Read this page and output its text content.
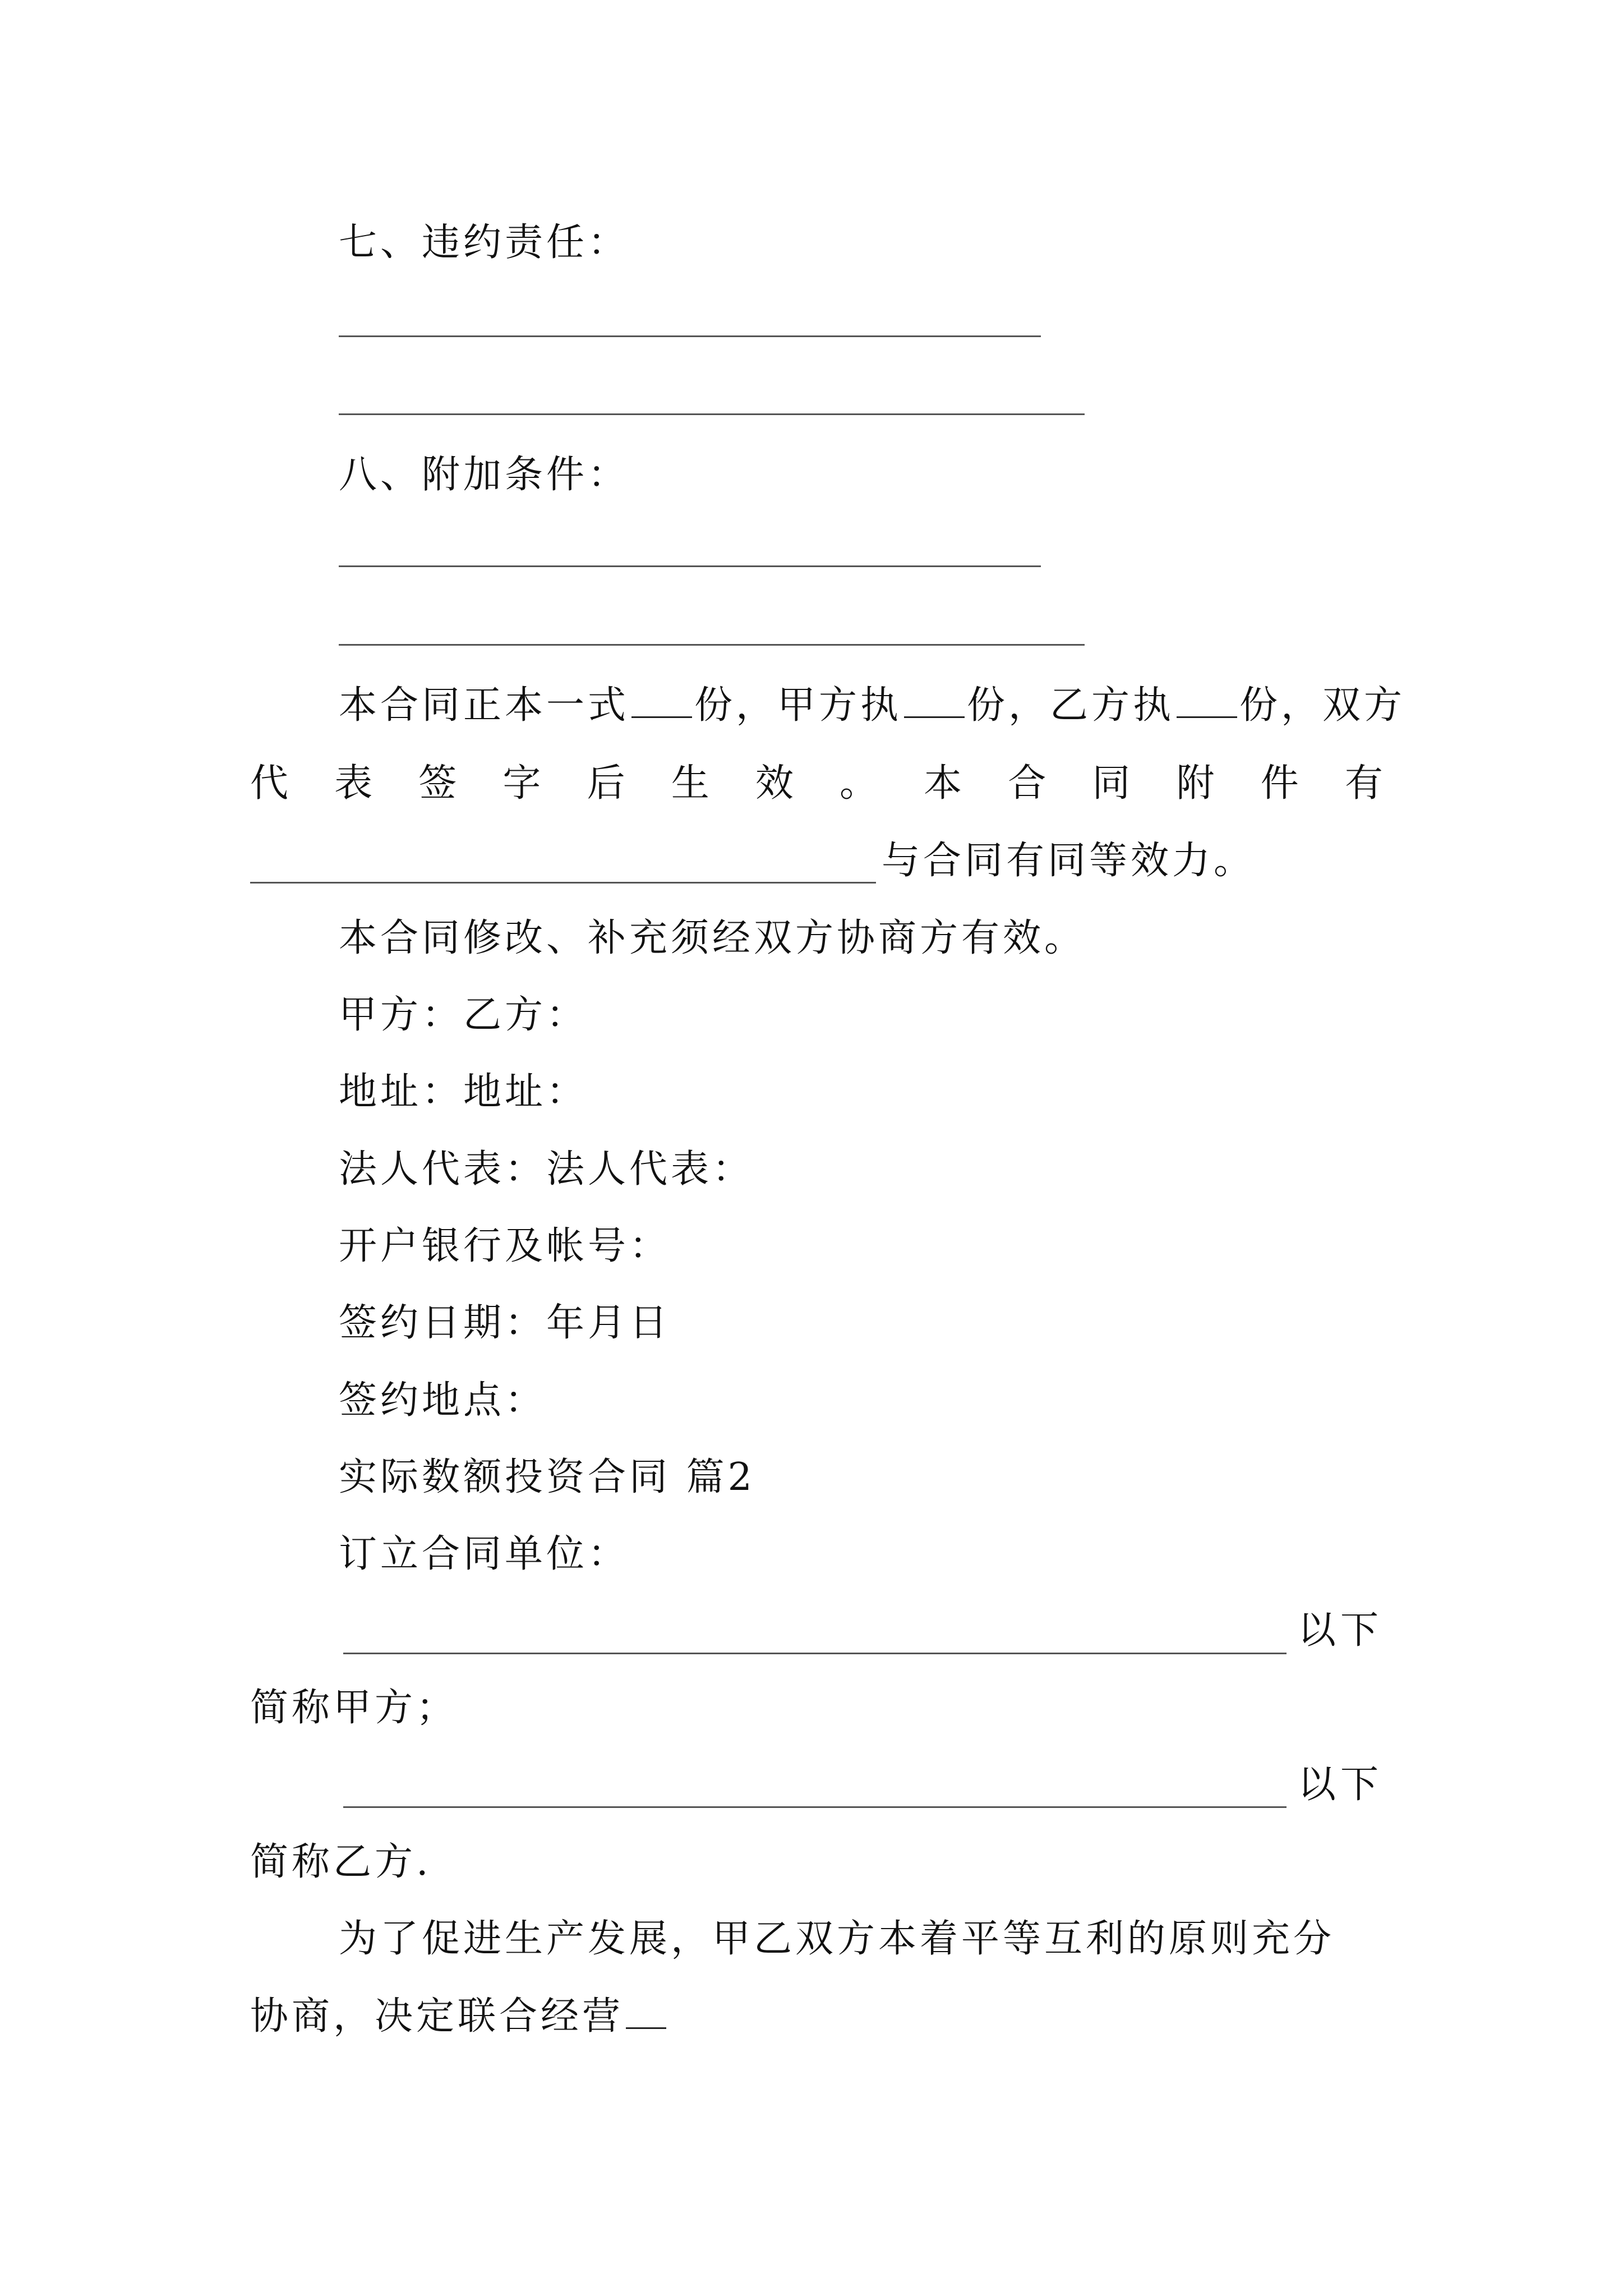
七、违约责任：
八、附加条件：
本合同正本一式 份，甲方执 份，乙方执 份，双方
代 表 签 字 后 生 效 。 本 合 同 附 件 有
与合同有同等效力。
本合同修改、补充须经双方协商方有效。
甲方：乙方：
地址：地址：
法人代表：法人代表：
开户银行及帐号：
签约日期：年月日
签约地点：
实际数额投资合同 篇2
订立合同单位：
以下
简称甲方；
以下
简称乙方.
为了促进生产发展，甲乙双方本着平等互利的原则充分
协商，决定联合经营
